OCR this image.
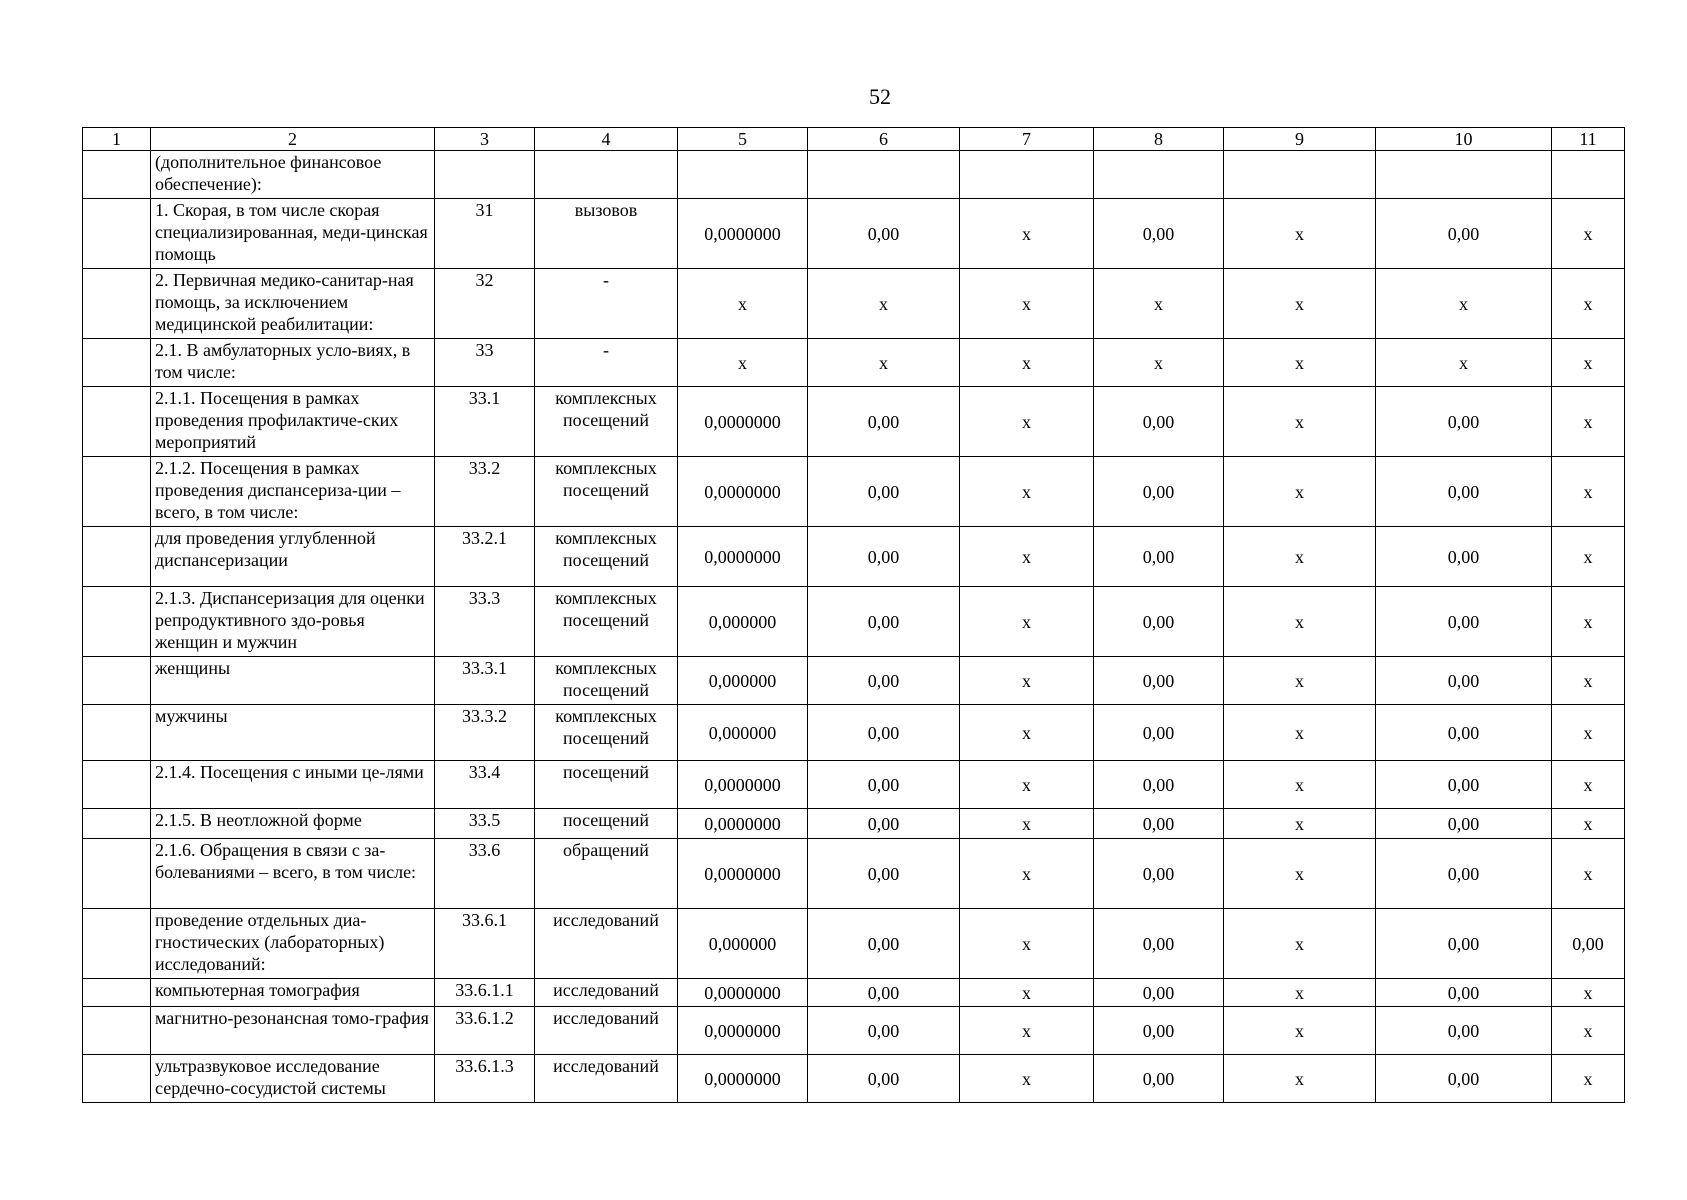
52
1	2	3	4	5	6	7	8	9	10	11
	(дополнительное финансовое обеспечение):									
	1. Скорая, в том числе скорая специализированная, меди-цинская помощь	31	вызовов	0,0000000	0,00	x	0,00	x	0,00	x
	2. Первичная медико-санитар-ная помощь, за исключением медицинской реабилитации:	32	-	x	x	x	x	x	x	x
	2.1. В амбулаторных усло-виях, в том числе:	33	-	x	x	x	x	x	x	x
	2.1.1. Посещения в рамках проведения профилактиче-ских мероприятий	33.1	комплексных посещений	0,0000000	0,00	x	0,00	x	0,00	x
	2.1.2. Посещения в рамках проведения диспансериза-ции – всего, в том числе:	33.2	комплексных посещений	0,0000000	0,00	x	0,00	x	0,00	x
	для проведения углубленной диспансеризации	33.2.1	комплексных посещений	0,0000000	0,00	x	0,00	x	0,00	x
	2.1.3. Диспансеризация для оценки репродуктивного здо-ровья женщин и мужчин	33.3	комплексных посещений	0,000000	0,00	x	0,00	x	0,00	x
	женщины	33.3.1	комплексных посещений	0,000000	0,00	x	0,00	x	0,00	x
	мужчины	33.3.2	комплексных посещений	0,000000	0,00	x	0,00	x	0,00	x
	2.1.4. Посещения с иными це-лями	33.4	посещений	0,0000000	0,00	x	0,00	x	0,00	x
	2.1.5. В неотложной форме	33.5	посещений	0,0000000	0,00	x	0,00	x	0,00	x
	2.1.6. Обращения в связи с за-болеваниями – всего, в том числе:	33.6	обращений	0,0000000	0,00	x	0,00	x	0,00	x
	проведение отдельных диа-гностических (лабораторных) исследований:	33.6.1	исследований	0,000000	0,00	x	0,00	x	0,00	0,00
	компьютерная томография	33.6.1.1	исследований	0,0000000	0,00	x	0,00	x	0,00	x
	магнитно-резонансная томо-графия	33.6.1.2	исследований	0,0000000	0,00	x	0,00	x	0,00	x
	ультразвуковое исследование сердечно-сосудистой системы	33.6.1.3	исследований	0,0000000	0,00	x	0,00	x	0,00	x
